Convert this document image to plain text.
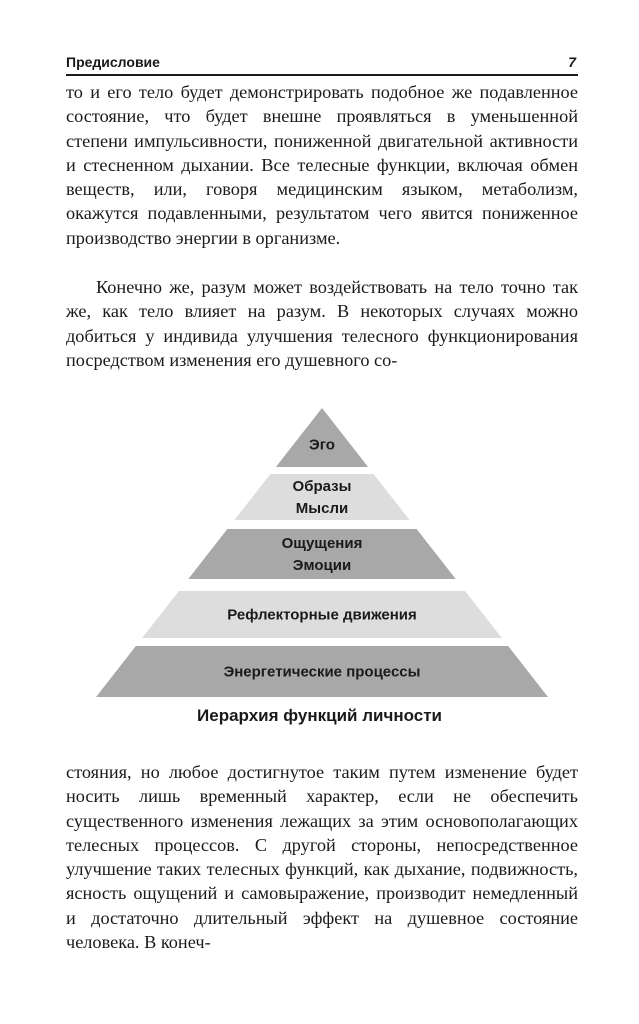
Предисловие	7

то и его тело будет демонстрировать подобное же подавленное состояние, что будет внешне проявляться в уменьшенной степени импульсивности, пониженной двигательной активности и стесненном дыхании. Все телесные функции, включая обмен веществ, или, говоря медицинским языком, метаболизм, окажутся подавленными, результатом чего явится пониженное производство энергии в организме.

Конечно же, разум может воздействовать на тело точно так же, как тело влияет на разум. В некоторых случаях можно добиться у индивида улучшения телесного функционирования посредством изменения его душевного со-

Эго
Образы
Мысли
Ощущения
Эмоции
Рефлекторные движения
Энергетические процессы
Иерархия функций личности

стояния, но любое достигнутое таким путем изменение будет носить лишь временный характер, если не обеспечить существенного изменения лежащих за этим основополагающих телесных процессов. С другой стороны, непосредственное улучшение таких телесных функций, как дыхание, подвижность, ясность ощущений и самовыражение, производит немедленный и достаточно длительный эффект на душевное состояние человека. В конеч-
